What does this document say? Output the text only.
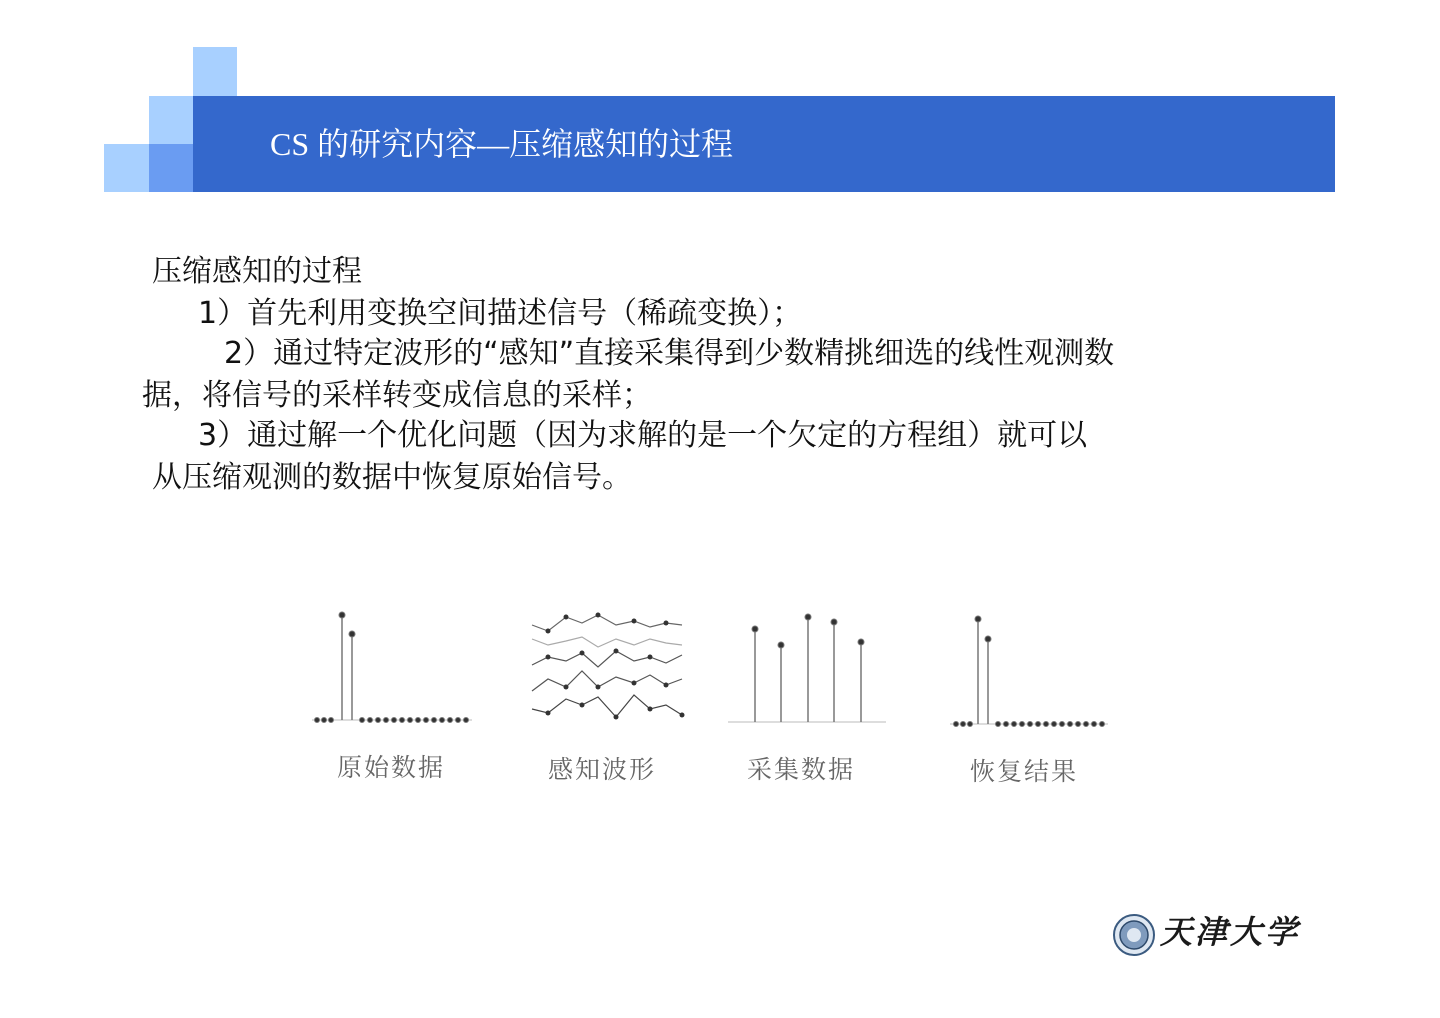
CS 的研究内容—压缩感知的过程
压缩感知的过程
1）首先利用变换空间描述信号（稀疏变换）；
2）通过特定波形的“感知”直接采集得到少数精挑细选的线性观测数
据，将信号的采样转变成信息的采样；
3）通过解一个优化问题（因为求解的是一个欠定的方程组）就可以
从压缩观测的数据中恢复原始信号。
原始数据	感知波形	采集数据	恢复结果
天津大学
